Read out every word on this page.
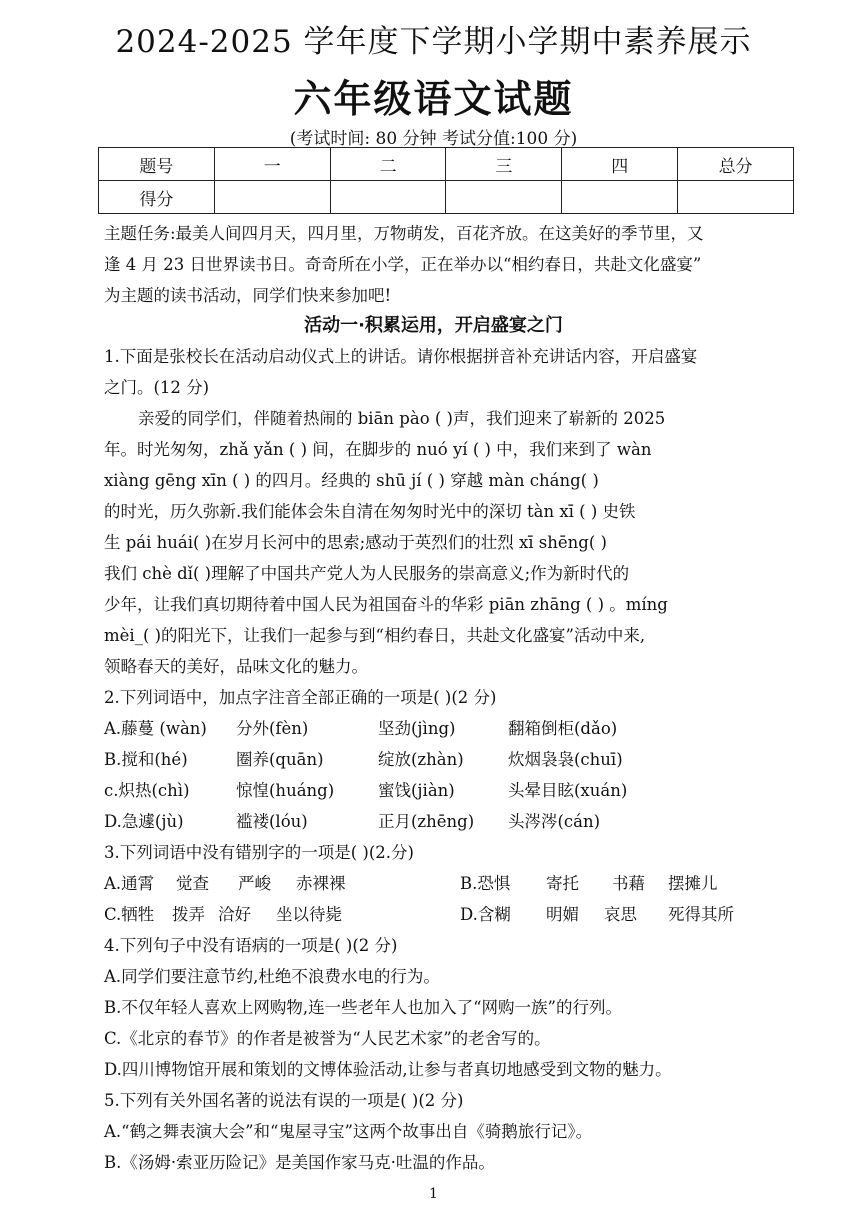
2024-2025 学年度下学期小学期中素养展示
六年级语文试题
(考试时间: 80 分钟 考试分值:100 分)
题号	一	二	三	四	总分
得分					
主题任务:最美人间四月天，四月里，万物萌发，百花齐放。在这美好的季节里，又
逢 4 月 23 日世界读书日。奇奇所在小学，正在举办以“相约春日，共赴文化盛宴”
为主题的读书活动，同学们快来参加吧!
活动一·积累运用，开启盛宴之门
1.下面是张校长在活动启动仪式上的讲话。请你根据拼音补充讲话内容，开启盛宴
之门。(12 分)
亲爱的同学们，伴随着热闹的 biān pào ( )声，我们迎来了崭新的 2025
年。时光匆匆，zhǎ yǎn ( ) 间，在脚步的 nuó yí ( ) 中，我们来到了 wàn
xiàng gēng xīn ( ) 的四月。经典的 shū jí ( ) 穿越 màn cháng( )
的时光，历久弥新.我们能体会朱自清在匆匆时光中的深切 tàn xī ( ) 史铁
生 pái huái( )在岁月长河中的思索;感动于英烈们的壮烈 xī shēng( )
我们 chè dǐ( )理解了中国共产党人为人民服务的崇高意义;作为新时代的
少年，让我们真切期待着中国人民为祖国奋斗的华彩 piān zhāng ( ) 。míng
mèi_( )的阳光下，让我们一起参与到“相约春日，共赴文化盛宴”活动中来,
领略春天的美好，品味文化的魅力。
2.下列词语中，加点字注音全部正确的一项是( )(2 分)
A.藤蔓 (wàn) 分外(fèn)	坚劲(jìng)	翻箱倒柜(dǎo)
B.搅和(hé)	圈养(quān)	绽放(zhàn)	炊烟袅袅(chuī)
c.炽热(chì)	惊惶(huáng)	蜜饯(jiàn)	头晕目眩(xuán)
D.急遽(jù)	褴褛(lóu)	正月(zhēng) 头涔涔(cán)
3.下列词语中没有错别字的一项是( )(2.分)
A.通霄 觉查 严峻 赤裸裸	B.恐惧 寄托 书藉 摆摊儿
C.牺牲 拨弄 洽好 坐以待毙	D.含糊 明媚 哀思 死得其所
4.下列句子中没有语病的一项是( )(2 分)
A.同学们要注意节约,杜绝不浪费水电的行为。
B.不仅年轻人喜欢上网购物,连一些老年人也加入了“网购一族”的行列。
C.《北京的春节》的作者是被誉为“人民艺术家”的老舍写的。
D.四川博物馆开展和策划的文博体验活动,让参与者真切地感受到文物的魅力。
5.下列有关外国名著的说法有误的一项是( )(2 分)
A.“鹤之舞表演大会”和“鬼屋寻宝”这两个故事出自《骑鹅旅行记》。
B.《汤姆·索亚历险记》是美国作家马克·吐温的作品。
1
